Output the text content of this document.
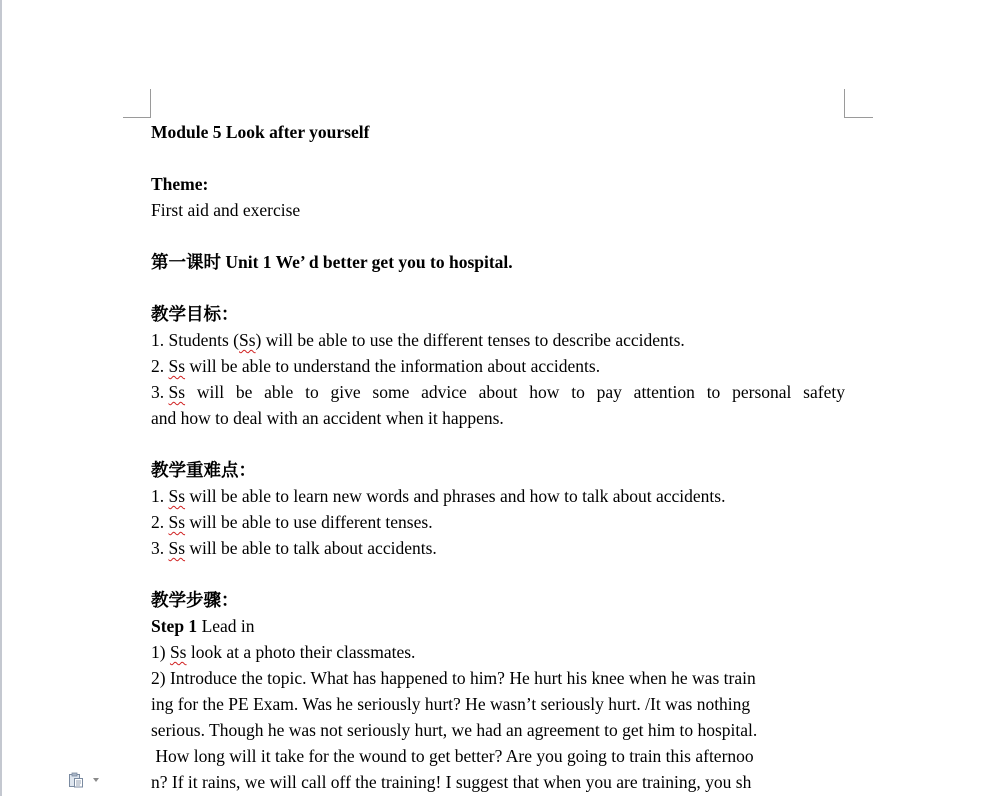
Module 5 Look after yourself
Theme:
First aid and exercise
第一课时 Unit 1 We’ d better get you to hospital.
教学目标：
1. Students (Ss) will be able to use the different tenses to describe accidents.
2. Ss will be able to understand the information about accidents.
3. Ss will be able to give some advice about how to pay attention to personal safety
and how to deal with an accident when it happens.
教学重难点：
1. Ss will be able to learn new words and phrases and how to talk about accidents.
2. Ss will be able to use different tenses.
3. Ss will be able to talk about accidents.
教学步骤：
Step 1 Lead in
1) Ss look at a photo their classmates.
2) Introduce the topic. What has happened to him? He hurt his knee when he was train
ing for the PE Exam. Was he seriously hurt? He wasn’t seriously hurt. /It was nothing
serious. Though he was not seriously hurt, we had an agreement to get him to hospital.
How long will it take for the wound to get better? Are you going to train this afternoo
n? If it rains, we will call off the training! I suggest that when you are training, you sh
